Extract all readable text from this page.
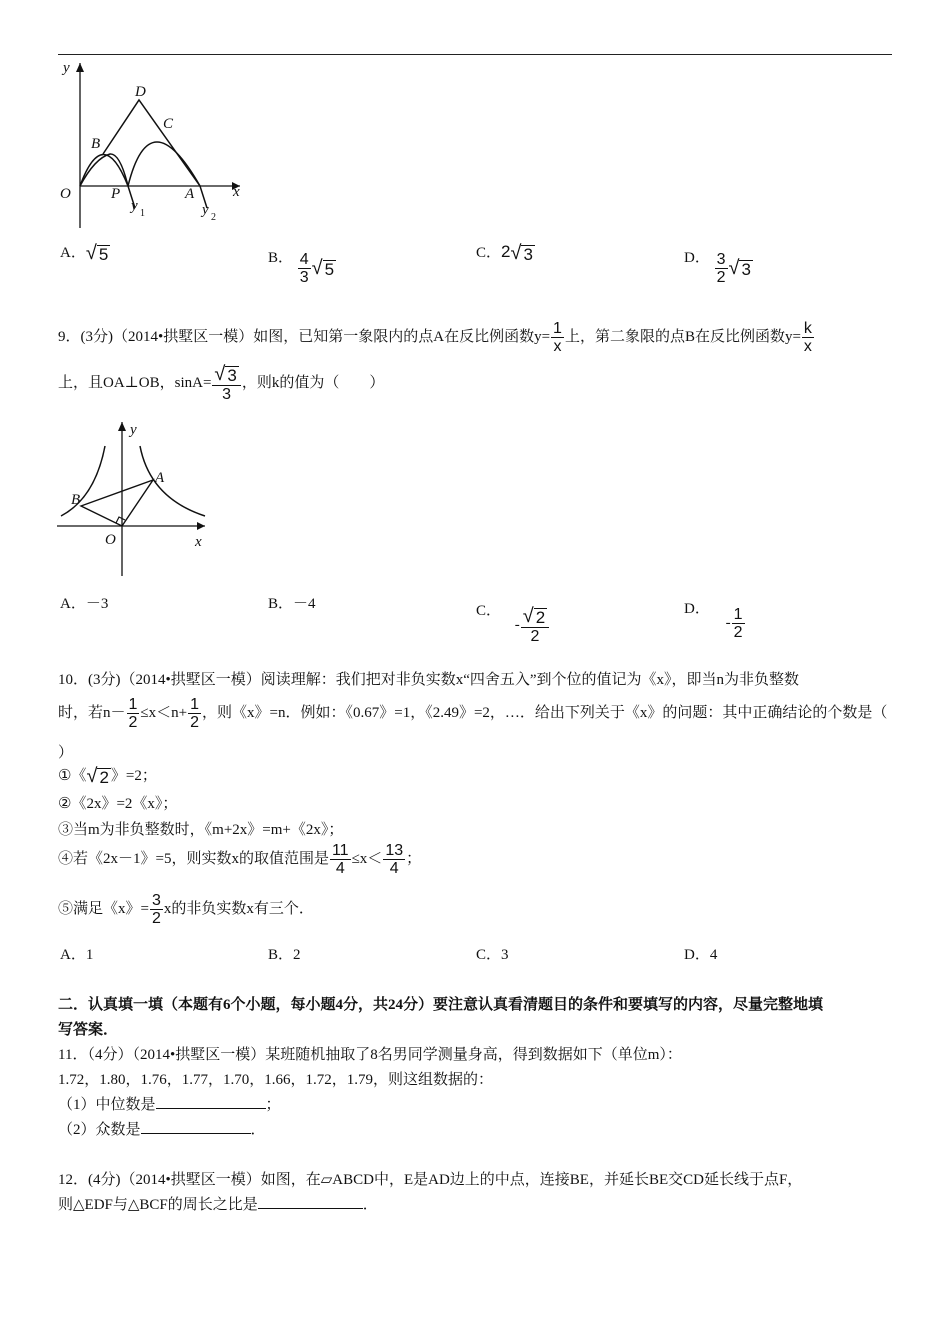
y
x
O
B
D
C
P	A
y 1	y 2
A． √ 5	B． $\frac{4}{3}$ √ 5
C．2 √ 3	D． $\frac{3}{2}$ √ 3
9．(3分)（2014•拱墅区一模）如图，已知第一象限内的点A在反比例函数$y= \frac{1}{x}$ 上，第二象限的点B在反比例函数$y= \frac{k}{x}$
上，且OA⊥OB，$\sin A= \frac{√ 3}{3}$ ，则k的值为（　　）
y
x
O
A
B
A．－3	B．－4	C． - $\frac{√ 2}{2}$	D． - $\frac{1}{2}$
10．(3分)（2014•拱墅区一模）阅读理解：我们把对非负实数x“四舍五入”到个位的值记为《x》，即当n为非负整数
时，若$n- \frac{1}{2} \le x<n+ \frac{1}{2}$ ，则《x》=n．例如：《0.67》=1，《2.49》=2，…．给出下列关于《x》的问题：其中正确结论的个数是（
）
①《 √ 2 》=2；
②《2x》=2《x》；
③当m为非负整数时，《m+2x》=m+《2x》；
④若《2x－1》=5，则实数x的取值范围是 $\frac{11}{4} \le x< \frac{13}{4}$ ；
⑤满足《x》= $\frac{3}{2}$ x的非负实数x有三个．
A．1	B．2	C．3	D．4
二．认真填一填（本题有6个小题，每小题4分，共24分）要注意认真看清题目的条件和要填写的内容，尽量完整地填
写答案．
11．（4分）（2014•拱墅区一模）某班随机抽取了8名男同学测量身高，得到数据如下（单位m）：
1.72，1.80，1.76，1.77，1.70，1.66，1.72，1.79，则这组数据的：
（1）中位数是	；
（2）众数是	．
12．(4分)（2014•拱墅区一模）如图，在▱ABCD中，E是AD边上的中点，连接BE，并延长BE交CD延长线于点F，
则△EDF与△BCF的周长之比是	．
